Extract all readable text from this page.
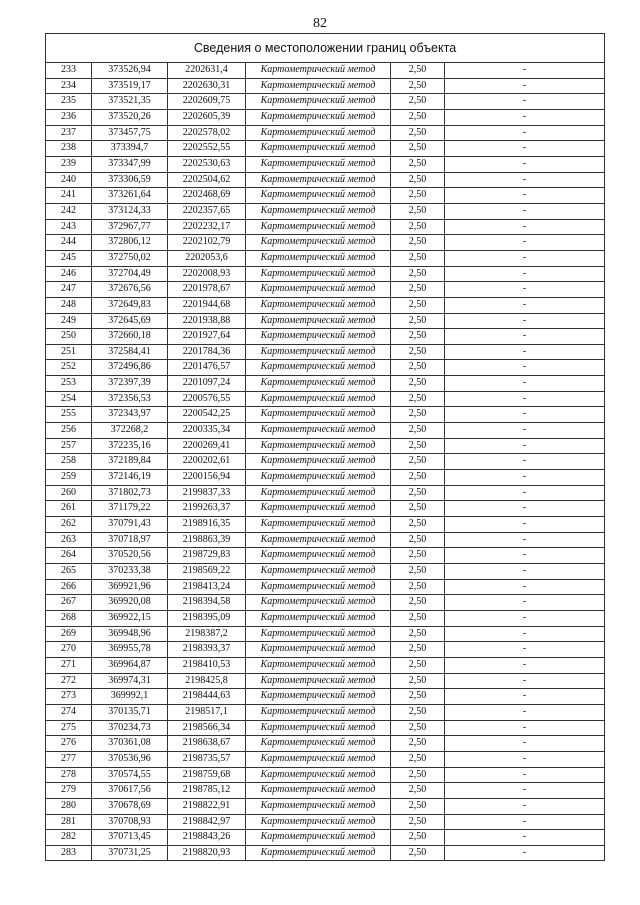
82
Сведения о местоположении границ объекта					
233	373526,94	2202631,4	Картометрический метод	2,50	-
234	373519,17	2202630,31	Картометрический метод	2,50	-
235	373521,35	2202609,75	Картометрический метод	2,50	-
236	373520,26	2202605,39	Картометрический метод	2,50	-
237	373457,75	2202578,02	Картометрический метод	2,50	-
238	373394,7	2202552,55	Картометрический метод	2,50	-
239	373347,99	2202530,63	Картометрический метод	2,50	-
240	373306,59	2202504,62	Картометрический метод	2,50	-
241	373261,64	2202468,69	Картометрический метод	2,50	-
242	373124,33	2202357,65	Картометрический метод	2,50	-
243	372967,77	2202232,17	Картометрический метод	2,50	-
244	372806,12	2202102,79	Картометрический метод	2,50	-
245	372750,02	2202053,6	Картометрический метод	2,50	-
246	372704,49	2202008,93	Картометрический метод	2,50	-
247	372676,56	2201978,67	Картометрический метод	2,50	-
248	372649,83	2201944,68	Картометрический метод	2,50	-
249	372645,69	2201938,88	Картометрический метод	2,50	-
250	372660,18	2201927,64	Картометрический метод	2,50	-
251	372584,41	2201784,36	Картометрический метод	2,50	-
252	372496,86	2201476,57	Картометрический метод	2,50	-
253	372397,39	2201097,24	Картометрический метод	2,50	-
254	372356,53	2200576,55	Картометрический метод	2,50	-
255	372343,97	2200542,25	Картометрический метод	2,50	-
256	372268,2	2200335,34	Картометрический метод	2,50	-
257	372235,16	2200269,41	Картометрический метод	2,50	-
258	372189,84	2200202,61	Картометрический метод	2,50	-
259	372146,19	2200156,94	Картометрический метод	2,50	-
260	371802,73	2199837,33	Картометрический метод	2,50	-
261	371179,22	2199263,37	Картометрический метод	2,50	-
262	370791,43	2198916,35	Картометрический метод	2,50	-
263	370718,97	2198863,39	Картометрический метод	2,50	-
264	370520,56	2198729,83	Картометрический метод	2,50	-
265	370233,38	2198569,22	Картометрический метод	2,50	-
266	369921,96	2198413,24	Картометрический метод	2,50	-
267	369920,08	2198394,58	Картометрический метод	2,50	-
268	369922,15	2198395,09	Картометрический метод	2,50	-
269	369948,96	2198387,2	Картометрический метод	2,50	-
270	369955,78	2198393,37	Картометрический метод	2,50	-
271	369964,87	2198410,53	Картометрический метод	2,50	-
272	369974,31	2198425,8	Картометрический метод	2,50	-
273	369992,1	2198444,63	Картометрический метод	2,50	-
274	370135,71	2198517,1	Картометрический метод	2,50	-
275	370234,73	2198566,34	Картометрический метод	2,50	-
276	370361,08	2198638,67	Картометрический метод	2,50	-
277	370536,96	2198735,57	Картометрический метод	2,50	-
278	370574,55	2198759,68	Картометрический метод	2,50	-
279	370617,56	2198785,12	Картометрический метод	2,50	-
280	370678,69	2198822,91	Картометрический метод	2,50	-
281	370708,93	2198842,97	Картометрический метод	2,50	-
282	370713,45	2198843,26	Картометрический метод	2,50	-
283	370731,25	2198820,93	Картометрический метод	2,50	-
